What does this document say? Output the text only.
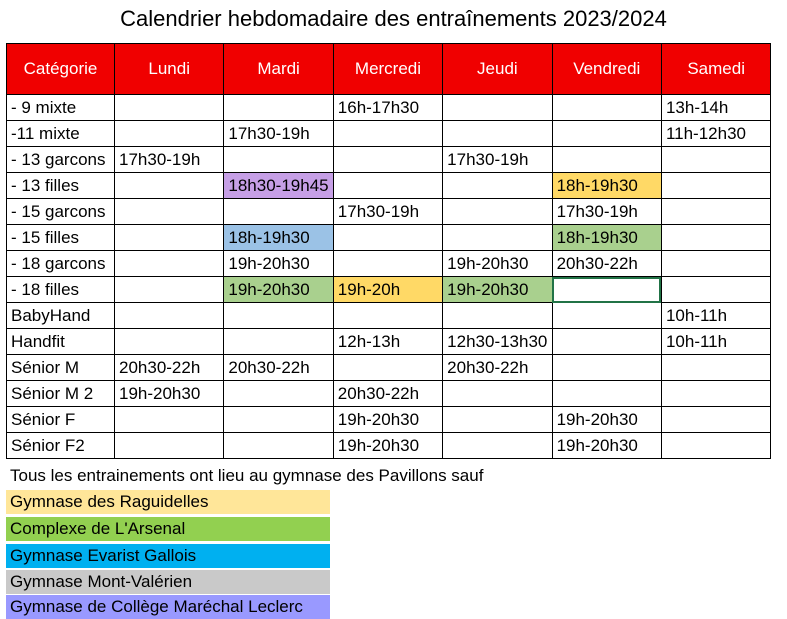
Calendrier hebdomadaire des entraînements 2023/2024
Catégorie	Lundi	Mardi	Mercredi	Jeudi	Vendredi	Samedi
- 9 mixte			16h-17h30			13h-14h
-11 mixte		17h30-19h				11h-12h30
- 13 garcons	17h30-19h			17h30-19h		
- 13 filles		18h30-19h45			18h-19h30	
- 15 garcons			17h30-19h		17h30-19h	
- 15 filles		18h-19h30			18h-19h30	
- 18 garcons		19h-20h30		19h-20h30	20h30-22h	
- 18 filles		19h-20h30	19h-20h	19h-20h30		
BabyHand						10h-11h
Handfit			12h-13h	12h30-13h30		10h-11h
Sénior M	20h30-22h	20h30-22h		20h30-22h		
Sénior M 2	19h-20h30		20h30-22h			
Sénior F			19h-20h30		19h-20h30	
Sénior F2			19h-20h30		19h-20h30	
Tous les entrainements ont lieu au gymnase des Pavillons sauf
Gymnase des Raguidelles
Complexe de L'Arsenal
Gymnase Evarist Gallois
Gymnase Mont-Valérien
Gymnase de Collège Maréchal Leclerc
